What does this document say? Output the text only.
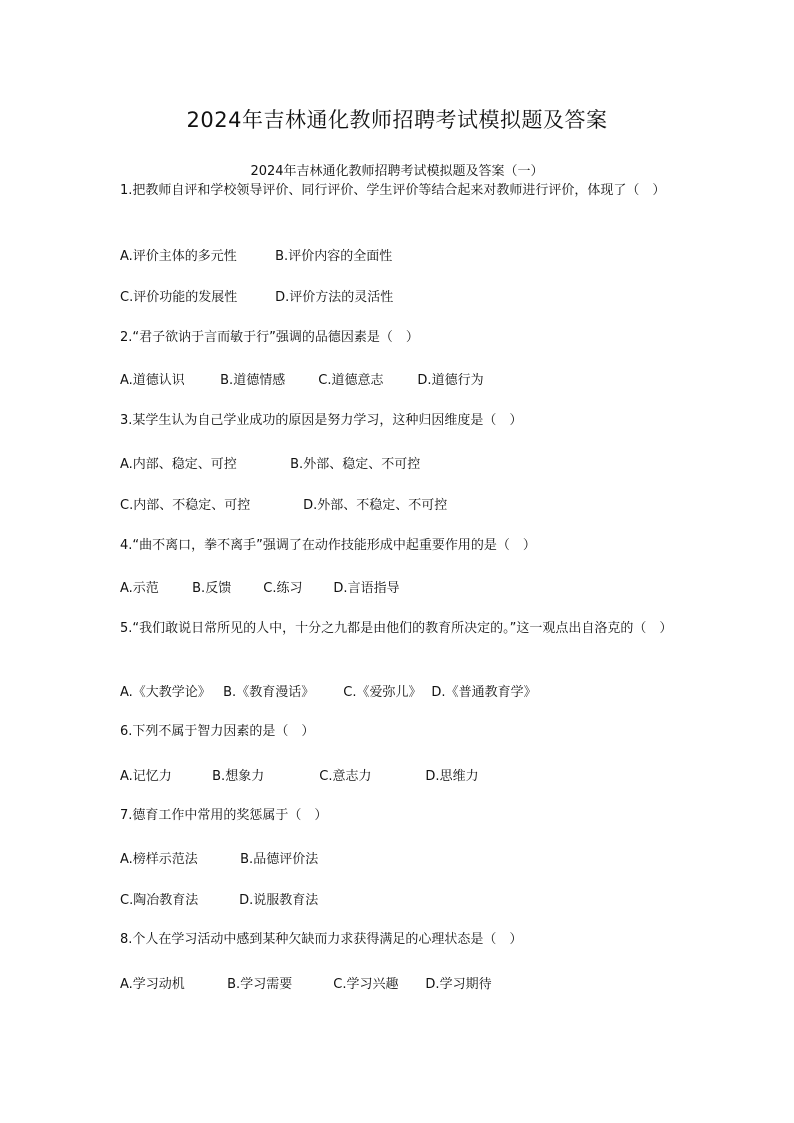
2024年吉林通化教师招聘考试模拟题及答案
2024年吉林通化教师招聘考试模拟题及答案（一）
1.把教师自评和学校领导评价、同行评价、学生评价等结合起来对教师进行评价，体现了（　）
A.评价主体的多元性	B.评价内容的全面性
C.评价功能的发展性	D.评价方法的灵活性
2.“君子欲讷于言而敏于行”强调的品德因素是（　）
A.道德认识	B.道德情感	C.道德意志	D.道德行为
3.某学生认为自己学业成功的原因是努力学习，这种归因维度是（　）
A.内部、稳定、可控	B.外部、稳定、不可控
C.内部、不稳定、可控	D.外部、不稳定、不可控
4.“曲不离口，拳不离手”强调了在动作技能形成中起重要作用的是（　）
A.示范	B.反馈 C.练习 D.言语指导
5.“我们敢说日常所见的人中，十分之九都是由他们的教育所决定的。”这一观点出自洛克的（　）
A.《大教学论》 B.《教育漫话》 C.《爱弥儿》 D.《普通教育学》
6.下列不属于智力因素的是（　）
A.记忆力	B.想象力	C.意志力	D.思维力
7.德育工作中常用的奖惩属于（　）
A.榜样示范法	B.品德评价法
C.陶冶教育法	D.说服教育法
8.个人在学习活动中感到某种欠缺而力求获得满足的心理状态是（　）
A.学习动机	B.学习需要	C.学习兴趣 D.学习期待
